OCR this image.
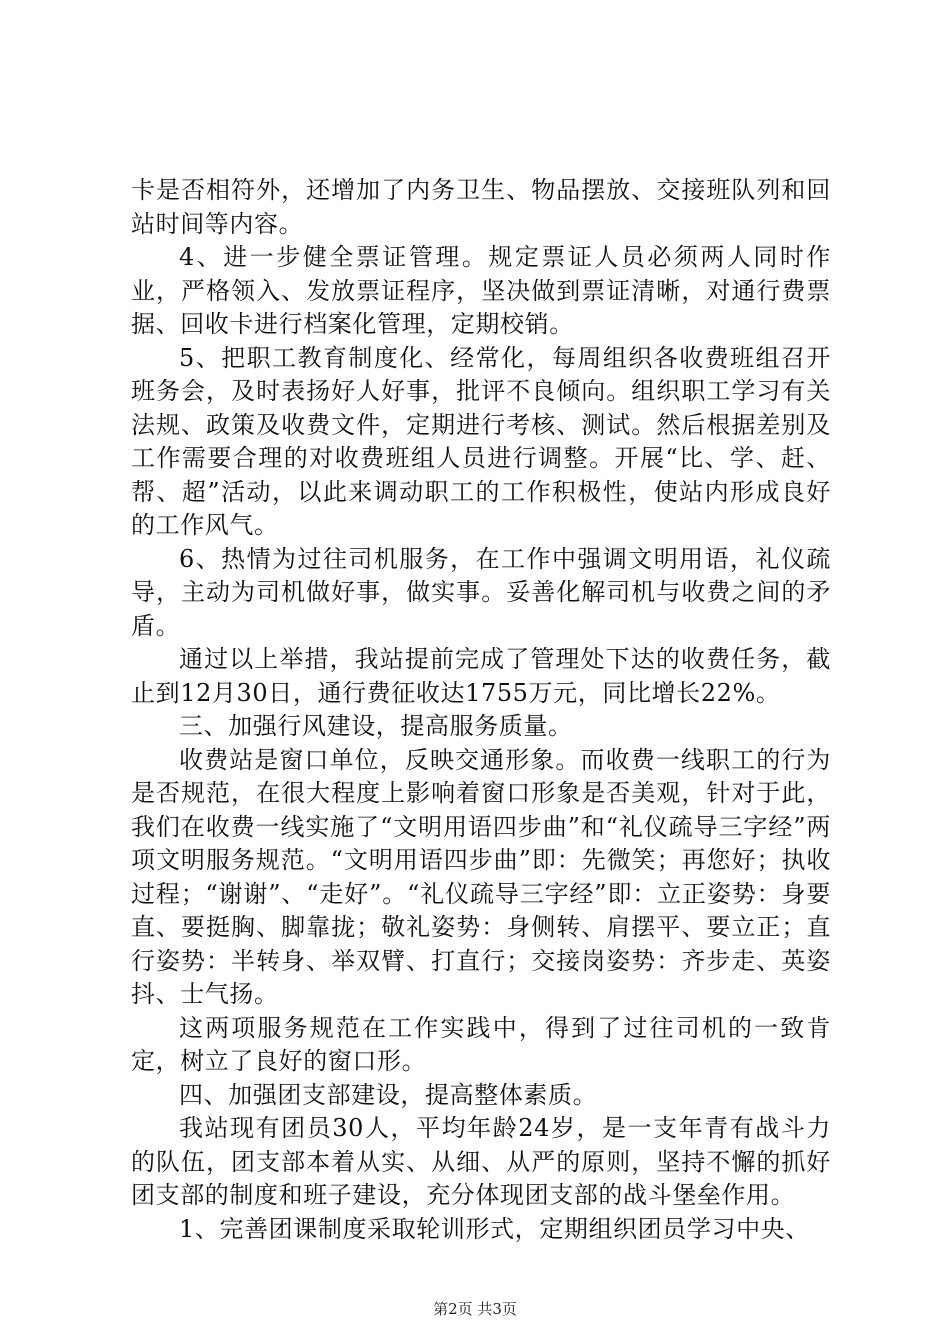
卡是否相符外，还增加了内务卫生、物品摆放、交接班队列和回站时间等内容。

4、进一步健全票证管理。规定票证人员必须两人同时作业，严格领入、发放票证程序，坚决做到票证清晰，对通行费票据、回收卡进行档案化管理，定期校销。

5、把职工教育制度化、经常化，每周组织各收费班组召开班务会，及时表扬好人好事，批评不良倾向。组织职工学习有关法规、政策及收费文件，定期进行考核、测试。然后根据差别及工作需要合理的对收费班组人员进行调整。开展“比、学、赶、帮、超”活动，以此来调动职工的工作积极性，使站内形成良好的工作风气。

6、热情为过往司机服务，在工作中强调文明用语，礼仪疏导，主动为司机做好事，做实事。妥善化解司机与收费之间的矛盾。

通过以上举措，我站提前完成了管理处下达的收费任务，截止到12月30日，通行费征收达1755万元，同比增长22%。

三、加强行风建设，提高服务质量。

收费站是窗口单位，反映交通形象。而收费一线职工的行为是否规范，在很大程度上影响着窗口形象是否美观，针对于此，我们在收费一线实施了“文明用语四步曲”和“礼仪疏导三字经”两项文明服务规范。“文明用语四步曲”即：先微笑；再您好；执收过程；“谢谢”、“走好”。“礼仪疏导三字经”即：立正姿势：身要直、要挺胸、脚靠拢；敬礼姿势：身侧转、肩摆平、要立正；直行姿势：半转身、举双臂、打直行；交接岗姿势：齐步走、英姿抖、士气扬。

这两项服务规范在工作实践中，得到了过往司机的一致肯定，树立了良好的窗口形。

四、加强团支部建设，提高整体素质。

我站现有团员30人，平均年龄24岁，是一支年青有战斗力的队伍，团支部本着从实、从细、从严的原则，坚持不懈的抓好团支部的制度和班子建设，充分体现团支部的战斗堡垒作用。

1、完善团课制度采取轮训形式，定期组织团员学习中央、

第2页 共3页
